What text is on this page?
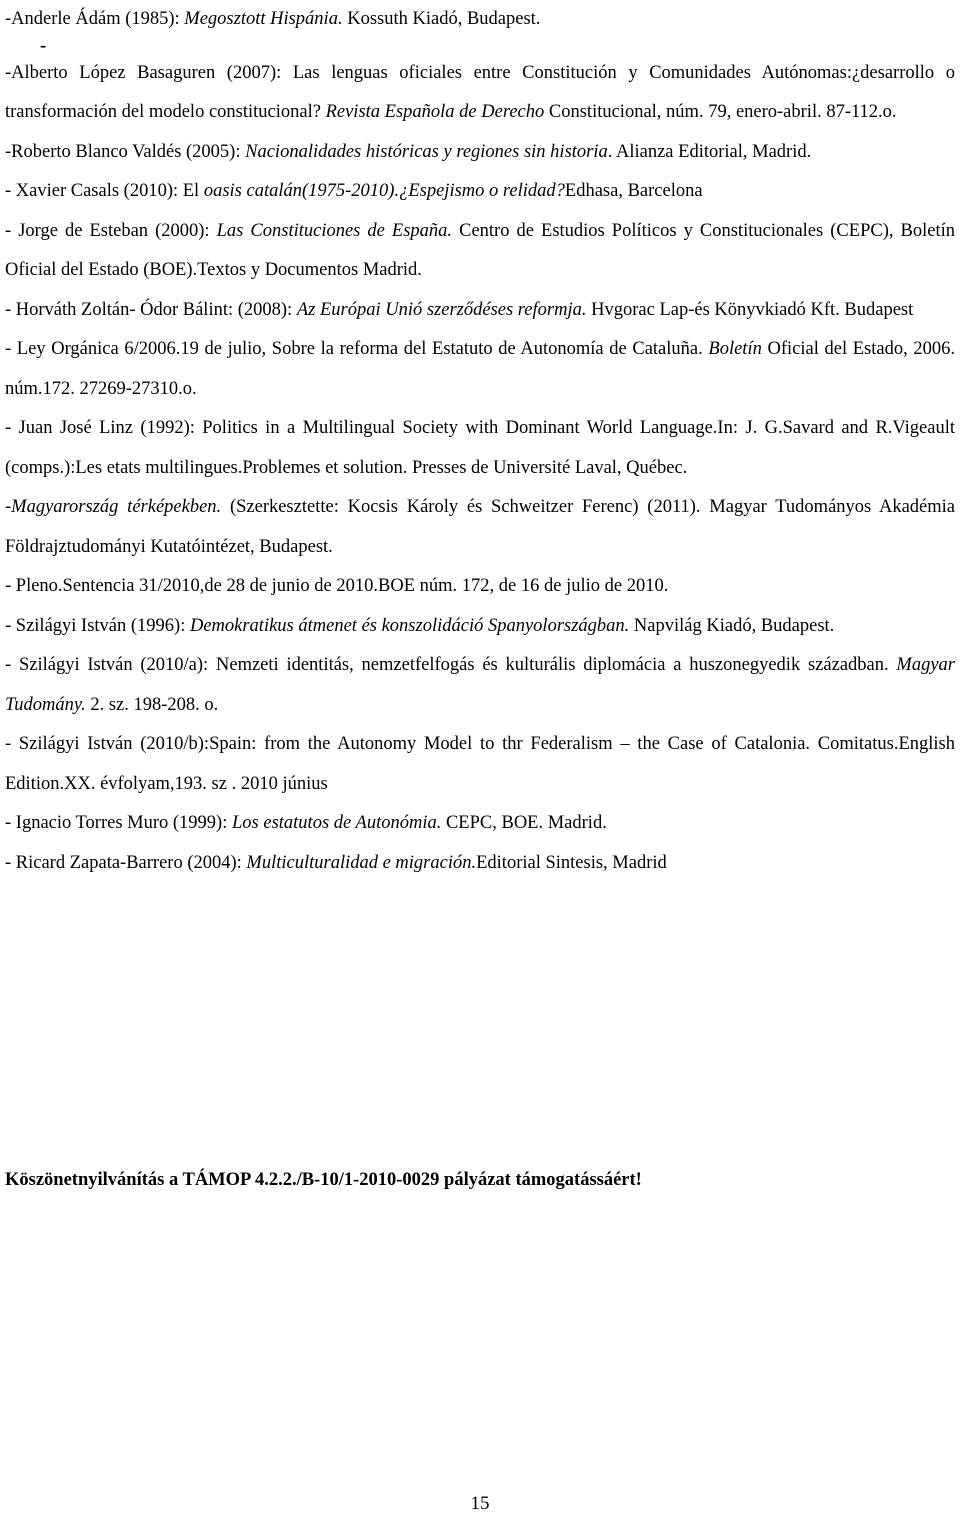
-Anderle Ádám (1985): Megosztott Hispánia. Kossuth Kiadó, Budapest.

-

-Alberto López Basaguren (2007): Las lenguas oficiales entre Constitución y Comunidades Autónomas:¿desarrollo o transformación del modelo constitucional? Revista Española de Derecho Constitucional, núm. 79, enero-abril. 87-112.o.

-Roberto Blanco Valdés (2005): Nacionalidades históricas y regiones sin historia. Alianza Editorial, Madrid.

- Xavier Casals (2010): El oasis catalán(1975-2010).¿Espejismo o relidad?Edhasa, Barcelona

- Jorge de Esteban (2000): Las Constituciones de España. Centro de Estudios Políticos y Constitucionales (CEPC), Boletín Oficial del Estado (BOE).Textos y Documentos Madrid.

- Horváth Zoltán- Ódor Bálint: (2008): Az Európai Unió szerződéses reformja. Hvgorac Lap-és Könyvkiadó Kft. Budapest

- Ley Orgánica 6/2006.19 de julio, Sobre la reforma del Estatuto de Autonomía de Cataluña. Boletín Oficial del Estado, 2006. núm.172. 27269-27310.o.

- Juan José Linz (1992): Politics in a Multilingual Society with Dominant World Language.In: J. G.Savard and R.Vigeault (comps.):Les etats multilingues.Problemes et solution. Presses de Université Laval, Québec.

-Magyarország térképekben. (Szerkesztette: Kocsis Károly és Schweitzer Ferenc) (2011). Magyar Tudományos Akadémia Földrajztudományi Kutatóintézet, Budapest.

- Pleno.Sentencia 31/2010,de 28 de junio de 2010.BOE núm. 172, de 16 de julio de 2010.

- Szilágyi István (1996): Demokratikus átmenet és konszolidáció Spanyolországban. Napvilág Kiadó, Budapest.

- Szilágyi István (2010/a): Nemzeti identitás, nemzetfelfogás és kulturális diplomácia a huszonegyedik században. Magyar Tudomány. 2. sz. 198-208. o.

- Szilágyi István (2010/b):Spain: from the Autonomy Model to thr Federalism – the Case of Catalonia. Comitatus.English Edition.XX. évfolyam,193. sz . 2010 június

- Ignacio Torres Muro (1999): Los estatutos de Autonómia. CEPC, BOE. Madrid.

- Ricard Zapata-Barrero (2004): Multiculturalidad e migración.Editorial Sintesis, Madrid

Köszönetnyilvánítás a TÁMOP 4.2.2./B-10/1-2010-0029 pályázat támogatássáért!

15
